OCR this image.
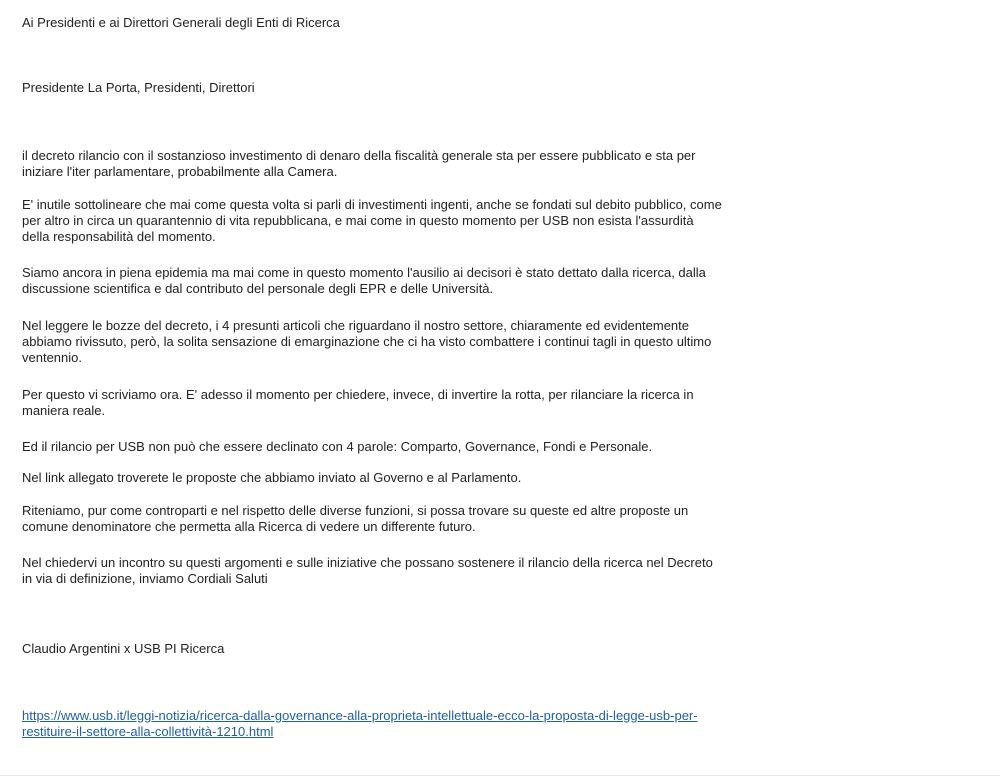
Ai Presidenti e ai Direttori Generali degli Enti di Ricerca

Presidente La Porta, Presidenti, Direttori

il decreto rilancio con il sostanzioso investimento di denaro della fiscalità generale sta per essere pubblicato e sta per
iniziare l'iter parlamentare, probabilmente alla Camera.

E' inutile sottolineare che mai come questa volta si parli di investimenti ingenti, anche se fondati sul debito pubblico, come
per altro in circa un quarantennio di vita repubblicana, e mai come in questo momento per USB non esista l'assurdità
della responsabilità del momento.

Siamo ancora in piena epidemia ma mai come in questo momento l'ausilio ai decisori è stato dettato dalla ricerca, dalla
discussione scientifica e dal contributo del personale degli EPR e delle Università.

Nel leggere le bozze del decreto, i 4 presunti articoli che riguardano il nostro settore, chiaramente ed evidentemente
abbiamo rivissuto, però, la solita sensazione di emarginazione che ci ha visto combattere i continui tagli in questo ultimo
ventennio.

Per questo vi scriviamo ora. E' adesso il momento per chiedere, invece, di invertire la rotta, per rilanciare la ricerca in
maniera reale.

Ed il rilancio per USB non può che essere declinato con 4 parole: Comparto, Governance, Fondi e Personale.

Nel link allegato troverete le proposte che abbiamo inviato al Governo e al Parlamento.

Riteniamo, pur come controparti e nel rispetto delle diverse funzioni, si possa trovare su queste ed altre proposte un
comune denominatore che permetta alla Ricerca di vedere un differente futuro.

Nel chiedervi un incontro su questi argomenti e sulle iniziative che possano sostenere il rilancio della ricerca nel Decreto
in via di definizione, inviamo Cordiali Saluti

Claudio Argentini x USB PI Ricerca

https://www.usb.it/leggi-notizia/ricerca-dalla-governance-alla-proprieta-intellettuale-ecco-la-proposta-di-legge-usb-per-
restituire-il-settore-alla-collettività-1210.html
